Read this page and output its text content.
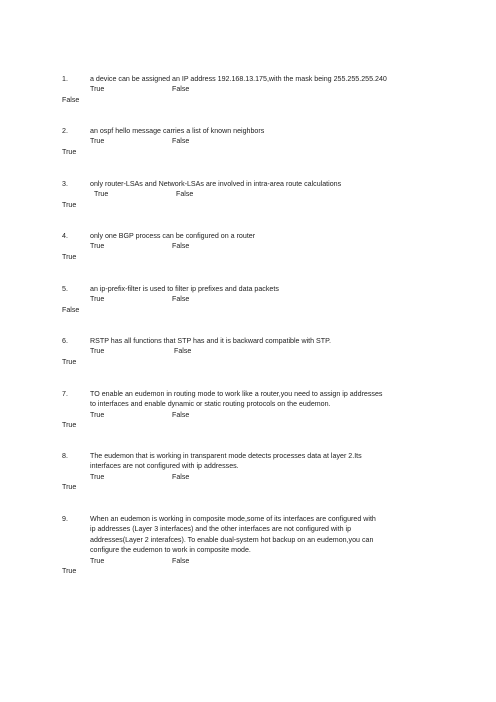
1.	a device can be assigned an IP address 192.168.13.175,with the mask being 255.255.255.240
True	False
False
2.	an ospf hello message carries a list of known neighbors
True	False
True
3.	only router-LSAs and Network-LSAs are involved in intra-area route calculations
True	False
True
4.	only one BGP process can be configured on a router
True	False
True
5.	an ip-prefix-filter is used to filter ip prefixes and data packets
True	False
False
6.	RSTP has all functions that STP has and it is backward compatible with STP.
True	False
True
7.	TO enable an eudemon in routing mode to work like a router,you need to assign ip addresses
to interfaces and enable dynamic or static routing protocols on the eudemon.
True	False
True
8.	The eudemon that is working in transparent mode detects processes data at layer 2.Its
interfaces are not configured with ip addresses.
True	False
True
9.	When an eudemon is working in composite mode,some of its interfaces are configured with
ip addresses (Layer 3 interfaces) and the other interfaces are not configured with ip
addresses(Layer 2 interafces). To enable dual-system hot backup on an eudemon,you can
configure the eudemon to work in composite mode.
True	False
True
